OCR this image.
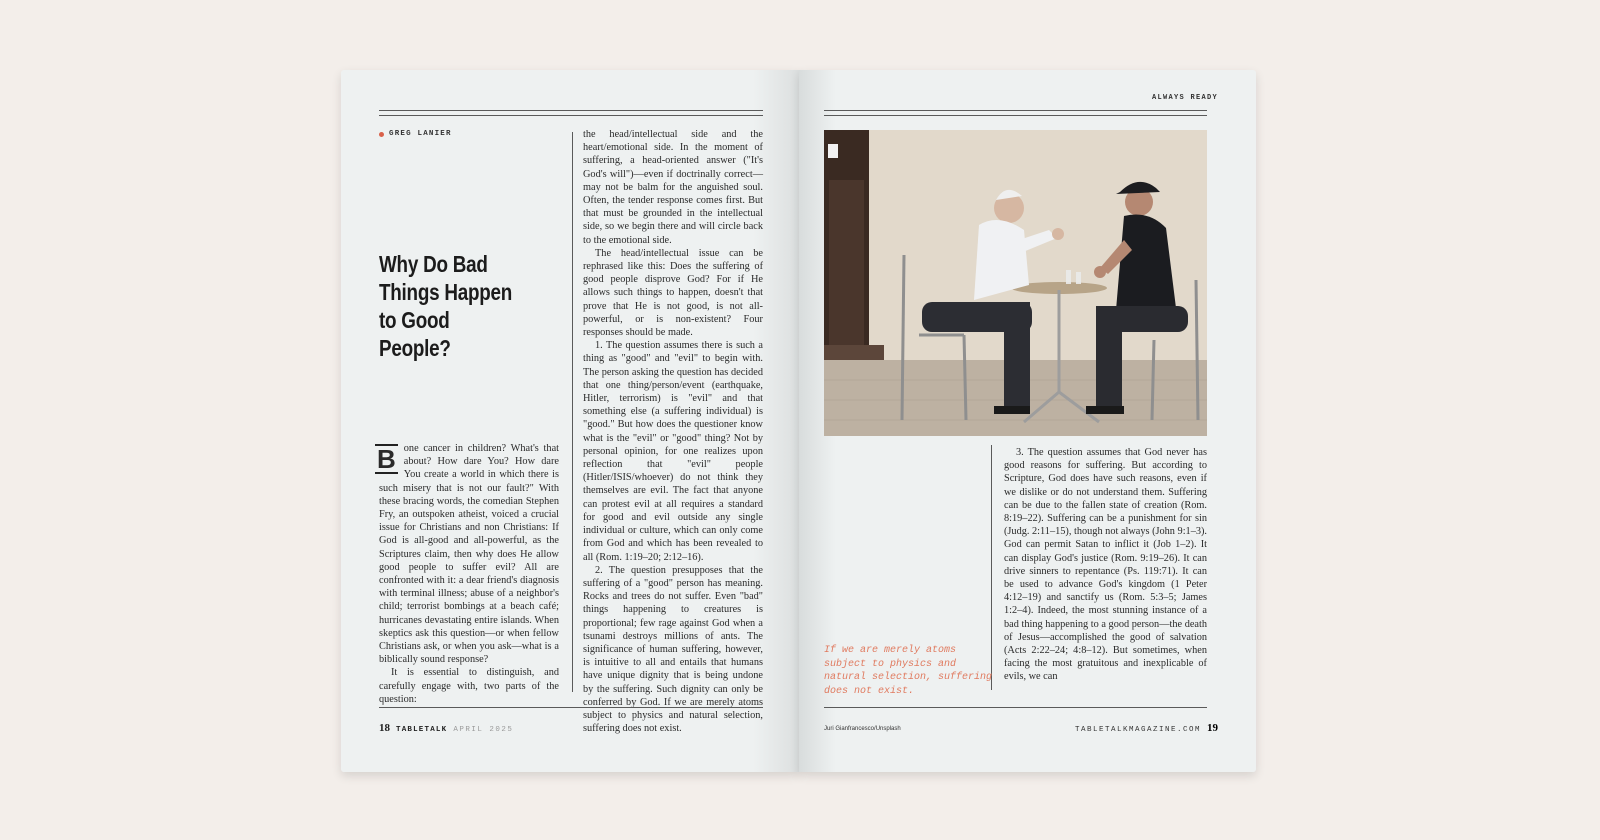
GREG LANIER
Why Do Bad Things Happen to Good People?

B one cancer in children? What's that about? How dare You? How dare You create a world in which there is such misery that is not our fault?" With these bracing words, the comedian Stephen Fry, an outspoken atheist, voiced a crucial issue for Christians and non Christians: If God is all-good and all-powerful, as the Scriptures claim, then why does He allow good people to suffer evil? All are confronted with it: a dear friend's diagnosis with terminal illness; abuse of a neighbor's child; terrorist bombings at a beach café; hurricanes devastating entire islands. When skeptics ask this question—or when fellow Christians ask, or when you ask—what is a biblically sound response?

It is essential to distinguish, and carefully engage with, two parts of the question:

the head/intellectual side and the heart/emotional side. In the moment of suffering, a head-oriented answer ("It's God's will")—even if doctrinally correct—may not be balm for the anguished soul. Often, the tender response comes first. But that must be grounded in the intellectual side, so we begin there and will circle back to the emotional side.

The head/intellectual issue can be rephrased like this: Does the suffering of good people disprove God? For if He allows such things to happen, doesn't that prove that He is not good, is not all-powerful, or is non-existent? Four responses should be made.

1. The question assumes there is such a thing as "good" and "evil" to begin with. The person asking the question has decided that one thing/person/event (earthquake, Hitler, terrorism) is "evil" and that something else (a suffering individual) is "good." But how does the questioner know what is the "evil" or "good" thing? Not by personal opinion, for one realizes upon reflection that "evil" people (Hitler/ISIS/whoever) do not think they themselves are evil. The fact that anyone can protest evil at all requires a standard for good and evil outside any single individual or culture, which can only come from God and which has been revealed to all (Rom. 1:19–20; 2:12–16).

2. The question presupposes that the suffering of a "good" person has meaning. Rocks and trees do not suffer. Even "bad" things happening to creatures is proportional; few rage against God when a tsunami destroys millions of ants. The significance of human suffering, however, is intuitive to all and entails that humans have unique dignity that is being undone by the suffering. Such dignity can only be conferred by God. If we are merely atoms subject to physics and natural selection, suffering does not exist.

18 TABLETALK APRIL 2025
ALWAYS READY
If we are merely atoms subject to physics and natural selection, suffering does not exist.

3. The question assumes that God never has good reasons for suffering. But according to Scripture, God does have such reasons, even if we dislike or do not understand them. Suffering can be due to the fallen state of creation (Rom. 8:19–22). Suffering can be a punishment for sin (Judg. 2:11–15), though not always (John 9:1–3). God can permit Satan to inflict it (Job 1–2). It can display God's justice (Rom. 9:19–26). It can drive sinners to repentance (Ps. 119:71). It can be used to advance God's kingdom (1 Peter 4:12–19) and sanctify us (Rom. 5:3–5; James 1:2–4). Indeed, the most stunning instance of a bad thing happening to a good person—the death of Jesus—accomplished the good of salvation (Acts 2:22–24; 4:8–12). But sometimes, when facing the most gratuitous and inexplicable of evils, we can

Juri Gianfrancesco/Unsplash	TABLETALKMAGAZINE.COM 19
